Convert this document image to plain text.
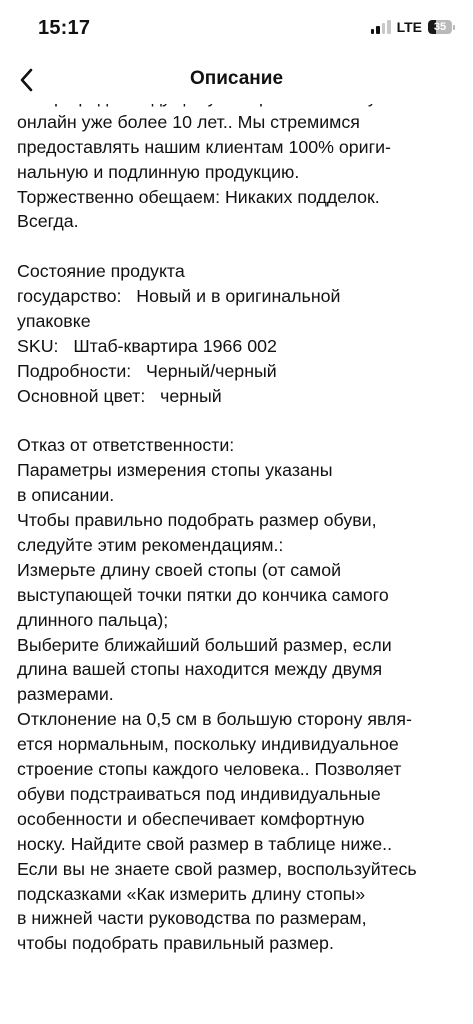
15:17	LTE	35
Описание
онлайн уже более 10 лет.. Мы стремимся
предоставлять нашим клиентам 100% ориги-
нальную и подлинную продукцию.
Торжественно обещаем: Никаких подделок.
Всегда.
Состояние продукта
государство:   Новый и в оригинальной
упаковке
SKU:   Штаб-квартира 1966 002
Подробности:   Черный/черный
Основной цвет:   черный
Отказ от ответственности:
Параметры измерения стопы указаны
в описании.
Чтобы правильно подобрать размер обуви,
следуйте этим рекомендациям.:
Измерьте длину своей стопы (от самой
выступающей точки пятки до кончика самого
длинного пальца);
Выберите ближайший больший размер, если
длина вашей стопы находится между двумя
размерами.
Отклонение на 0,5 см в большую сторону явля-
ется нормальным, поскольку индивидуальное
строение стопы каждого человека.. Позволяет
обуви подстраиваться под индивидуальные
особенности и обеспечивает комфортную
носку. Найдите свой размер в таблице ниже..
Если вы не знаете свой размер, воспользуйтесь
подсказками «Как измерить длину стопы»
в нижней части руководства по размерам,
чтобы подобрать правильный размер.
